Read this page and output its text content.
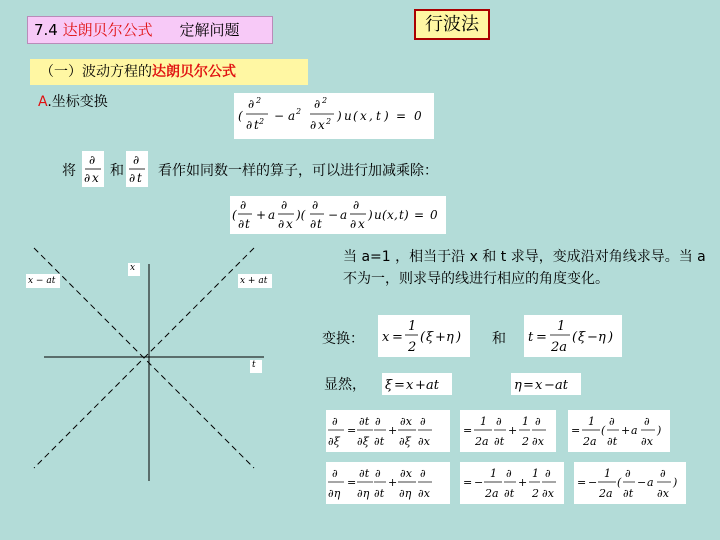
7.4 达朗贝尔公式 定解问题	行波法
（一）波动方程的达朗贝尔公式
A.坐标变换
(
∂ 2
∂ t 2 − a 2
∂ 2
∂ x 2 ) u ( x , t ) = 0
将
∂
∂ x 和
∂
∂ t 看作如同数一样的算子，可以进行加减乘除：
(
∂
∂ t
+ a
∂
∂ x
)(
∂
∂ t
− a
∂
∂ x
) u ( x , t ) = 0
x
t
x − at	x + at
当 a=1 ，相当于沿 x 和 t 求导，变成沿对角线求导。当 a 不为一，则求导的线进行相应的角度变化。
变换： x =
1
2
( ξ + η ) 和 t =
1
2a
( ξ − η )
显然， ξ = x + at	η = x − at
∂
∂ξ
=
∂t
∂ξ
∂
∂t
+
∂x
∂ξ
∂
∂x
=
1
2a
∂
∂t
+
1
2
∂
∂x
=
1
2a
(
∂
∂t
+ a
∂
∂x
)
∂
∂η
=
∂t
∂η
∂
∂t
+
∂x
∂η
∂
∂x
= −
1
2a
∂
∂t
+
1
2
∂
∂x
= −
1
2a
(
∂
∂t
− a
∂
∂x
)
